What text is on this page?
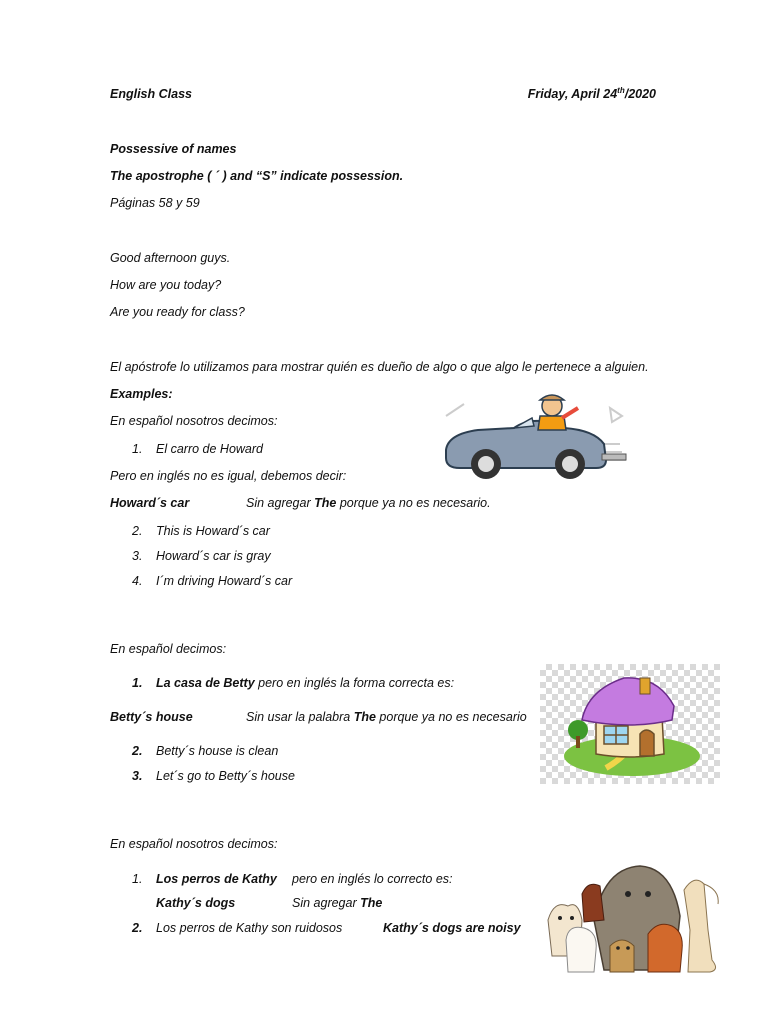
English Class	Friday, April 24th/2020
Possessive of names
The apostrophe ( ´ ) and “S” indicate possession.
Páginas 58 y 59
Good afternoon guys.
How are you today?
Are you ready for class?
El apóstrofe lo utilizamos para mostrar quién es dueño de algo o que algo le pertenece a alguien.
Examples:
En español nosotros decimos:
1. El carro de Howard
Pero en inglés no es igual, debemos decir:
Howard´s car	Sin agregar The porque ya no es necesario.
2. This is Howard´s car
3. Howard´s car is gray
4. I´m driving Howard´s car
En español decimos:
1. La casa de Betty pero en inglés la forma correcta es:
Betty´s house	Sin usar la palabra The porque ya no es necesario
2. Betty´s house is clean
3. Let´s go to Betty´s house
En español nosotros decimos:
1. Los perros de Kathy pero en inglés lo correcto es:
Kathy´s dogs	Sin agregar The
2. Los perros de Kathy son ruidosos	Kathy´s dogs are noisy
